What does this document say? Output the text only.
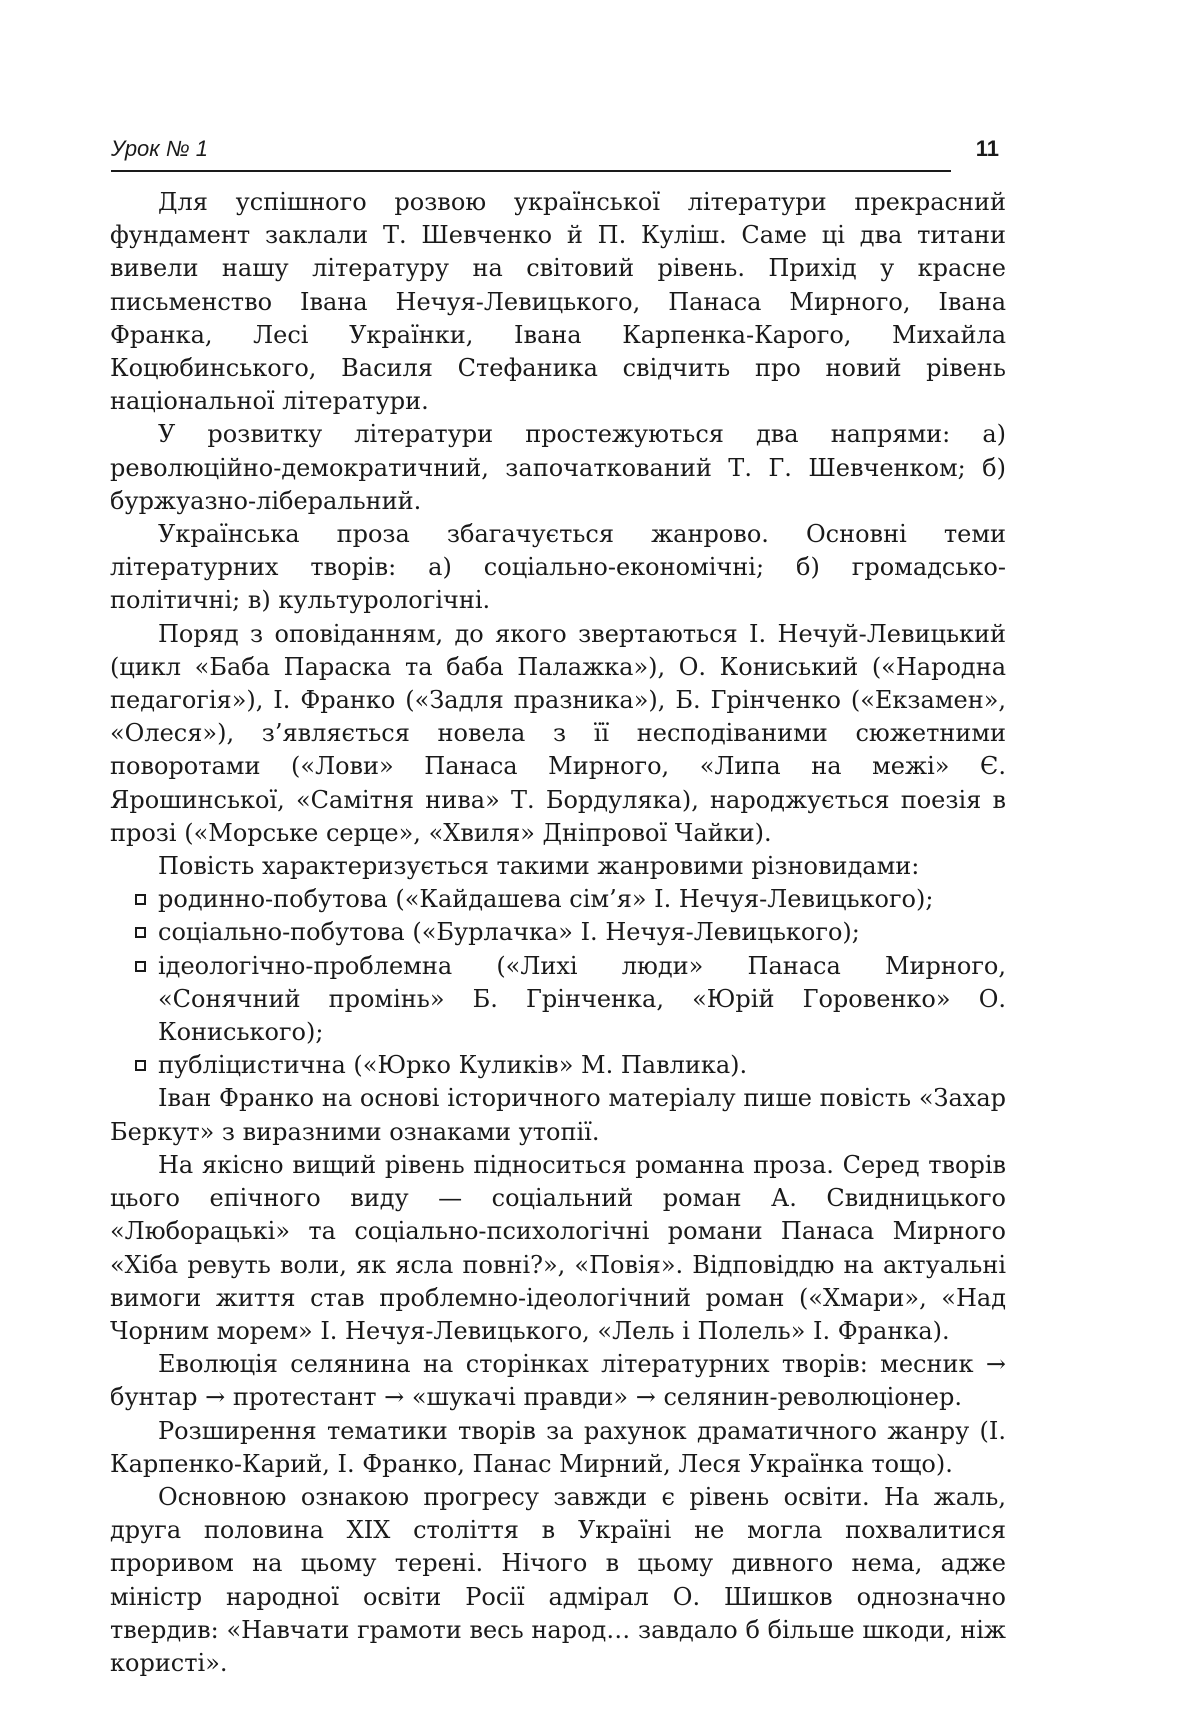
Урок № 1	11

Для успішного розвою української літератури прекрасний фундамент заклали Т. Шевченко й П. Куліш. Саме ці два титани вивели нашу літературу на світовий рівень. Прихід у красне письменство Івана Нечуя-Левицького, Панаса Мирного, Івана Франка, Лесі Українки, Івана Карпенка-Карого, Михайла Коцюбинського, Василя Стефаника свідчить про новий рівень національної літератури.

У розвитку літератури простежуються два напрями: а) революційно-демократичний, започаткований Т. Г. Шевченком; б) буржуазно-ліберальний.

Українська проза збагачується жанрово. Основні теми літературних творів: а) соціально-економічні; б) громадсько-політичні; в) культурологічні.

Поряд з оповіданням, до якого звертаються І. Нечуй-Левицький (цикл «Баба Параска та баба Палажка»), О. Кониський («Народна педагогія»), І. Франко («Задля празника»), Б. Грінченко («Екзамен», «Олеся»), з’являється новела з її несподіваними сюжетними поворотами («Лови» Панаса Мирного, «Липа на межі» Є. Ярошинської, «Самітня нива» Т. Бордуляка), народжується поезія в прозі («Морське серце», «Хвиля» Дніпрової Чайки).

Повість характеризується такими жанровими різновидами:

родинно-побутова («Кайдашева сім’я» І. Нечуя-Левицького);
соціально-побутова («Бурлачка» І. Нечуя-Левицького);
ідеологічно-проблемна («Лихі люди» Панаса Мирного, «Сонячний промінь» Б. Грінченка, «Юрій Горовенко» О. Кониського);
публіцистична («Юрко Куликів» М. Павлика).

Іван Франко на основі історичного матеріалу пише повість «Захар Беркут» з виразними ознаками утопії.

На якісно вищий рівень підноситься романна проза. Серед творів цього епічного виду — соціальний роман А. Свидницького «Люборацькі» та соціально-психологічні романи Панаса Мирного «Хіба ревуть воли, як ясла повні?», «Повія». Відповіддю на актуальні вимоги життя став проблемно-ідеологічний роман («Хмари», «Над Чорним морем» І. Нечуя-Левицького, «Лель і Полель» І. Франка).

Еволюція селянина на сторінках літературних творів: месник → бунтар → протестант → «шукачі правди» → селянин-революціонер.

Розширення тематики творів за рахунок драматичного жанру (І. Карпенко-Карий, І. Франко, Панас Мирний, Леся Українка тощо).

Основною ознакою прогресу завжди є рівень освіти. На жаль, друга половина XIX століття в Україні не могла похвалитися проривом на цьому терені. Нічого в цьому дивного нема, адже міністр народної освіти Росії адмірал О. Шишков однозначно твердив: «Навчати грамоти весь народ… завдало б більше шкоди, ніж користі».
